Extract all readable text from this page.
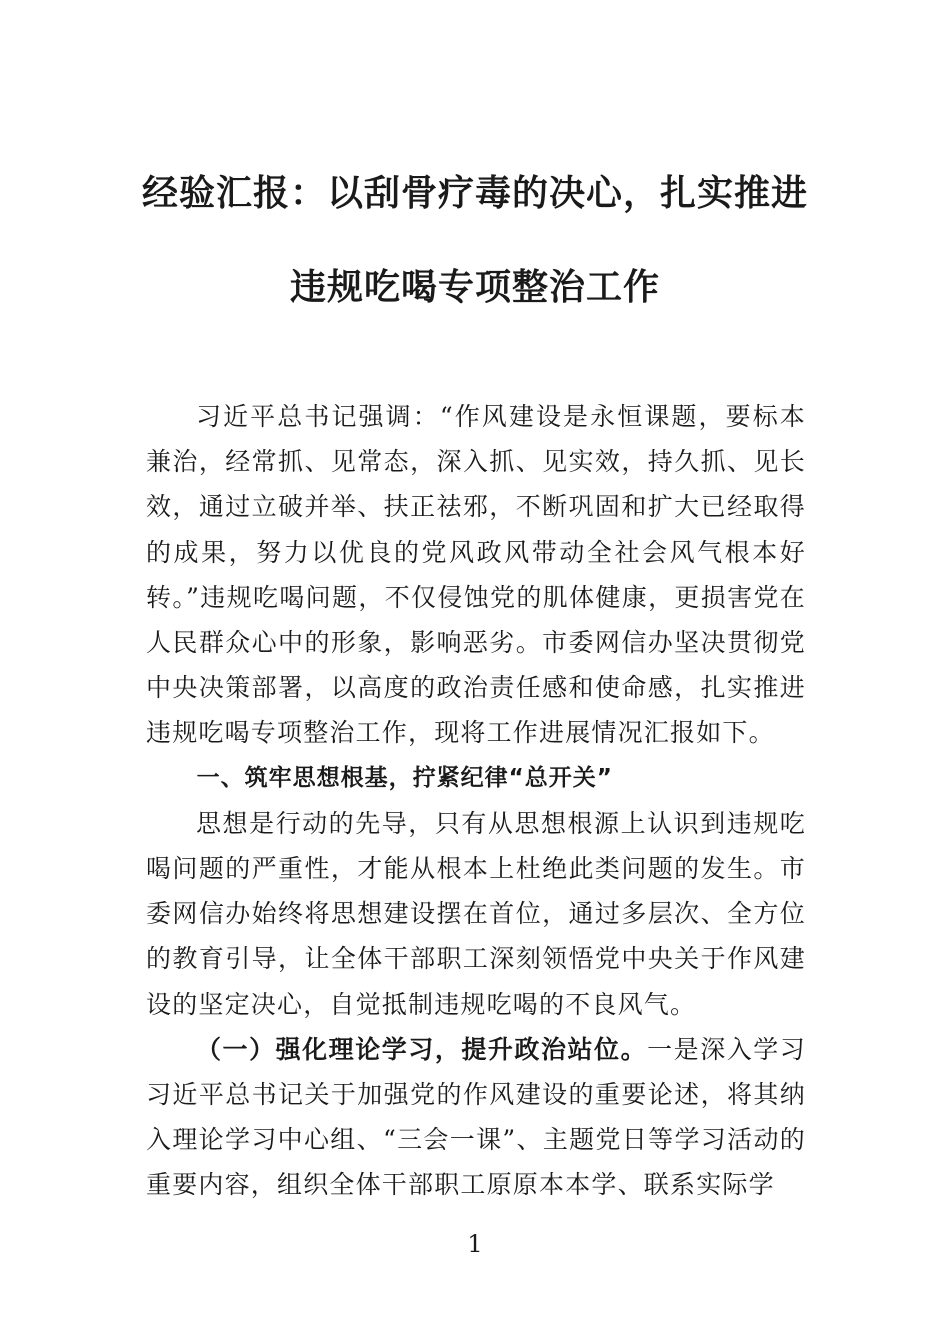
经验汇报：以刮骨疗毒的决心，扎实推进
违规吃喝专项整治工作

习近平总书记强调：“作风建设是永恒课题，要标本兼治，经常抓、见常态，深入抓、见实效，持久抓、见长效，通过立破并举、扶正祛邪，不断巩固和扩大已经取得的成果，努力以优良的党风政风带动全社会风气根本好转。”违规吃喝问题，不仅侵蚀党的肌体健康，更损害党在人民群众心中的形象，影响恶劣。市委网信办坚决贯彻党中央决策部署，以高度的政治责任感和使命感，扎实推进违规吃喝专项整治工作，现将工作进展情况汇报如下。

一、筑牢思想根基，拧紧纪律“总开关”

思想是行动的先导，只有从思想根源上认识到违规吃喝问题的严重性，才能从根本上杜绝此类问题的发生。市委网信办始终将思想建设摆在首位，通过多层次、全方位的教育引导，让全体干部职工深刻领悟党中央关于作风建设的坚定决心，自觉抵制违规吃喝的不良风气。

（一）强化理论学习，提升政治站位。一是深入学习习近平总书记关于加强党的作风建设的重要论述，将其纳入理论学习中心组、“三会一课”、主题党日等学习活动的重要内容，组织全体干部职工原原本本学、联系实际学

1
